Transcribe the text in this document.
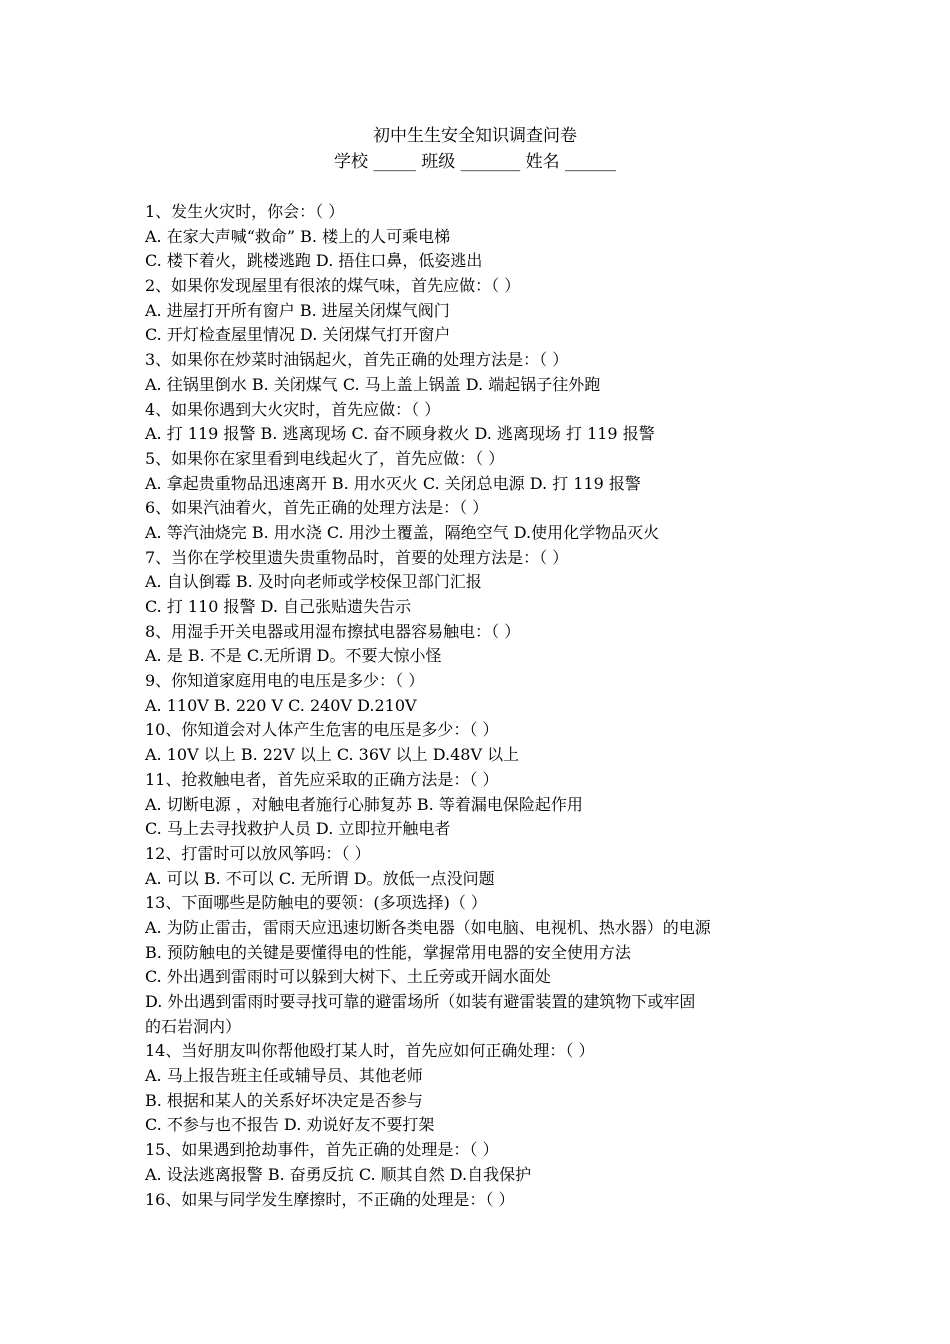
初中生生安全知识调查问卷
学校 _____ 班级 _______ 姓名 ______
1、发生火灾时，你会：（ ）
A. 在家大声喊“救命” B. 楼上的人可乘电梯
C. 楼下着火，跳楼逃跑 D. 捂住口鼻，低姿逃出
2、如果你发现屋里有很浓的煤气味，首先应做：（ ）
A. 进屋打开所有窗户 B. 进屋关闭煤气阀门
C. 开灯检查屋里情况 D. 关闭煤气打开窗户
3、如果你在炒菜时油锅起火，首先正确的处理方法是：（ ）
A. 往锅里倒水 B. 关闭煤气 C. 马上盖上锅盖 D. 端起锅子往外跑
4、如果你遇到大火灾时，首先应做：（ ）
A. 打 119 报警 B. 逃离现场 C. 奋不顾身救火 D. 逃离现场 打 119 报警
5、如果你在家里看到电线起火了，首先应做：（ ）
A. 拿起贵重物品迅速离开 B. 用水灭火 C. 关闭总电源 D. 打 119 报警
6、如果汽油着火，首先正确的处理方法是：（ ）
A. 等汽油烧完 B. 用水浇 C. 用沙土覆盖，隔绝空气 D.使用化学物品灭火
7、当你在学校里遗失贵重物品时，首要的处理方法是：（ ）
A. 自认倒霉 B. 及时向老师或学校保卫部门汇报
C. 打 110 报警 D. 自己张贴遗失告示
8、用湿手开关电器或用湿布擦拭电器容易触电：（ ）
A. 是 B. 不是 C.无所谓 D。不要大惊小怪
9、你知道家庭用电的电压是多少：（ ）
A. 110V B. 220 V C. 240V D.210V
10、你知道会对人体产生危害的电压是多少：（ ）
A. 10V 以上 B. 22V 以上 C. 36V 以上 D.48V 以上
11、抢救触电者，首先应采取的正确方法是：（ ）
A. 切断电源 ，对触电者施行心肺复苏 B. 等着漏电保险起作用
C. 马上去寻找救护人员 D. 立即拉开触电者
12、打雷时可以放风筝吗：（ ）
A. 可以 B. 不可以 C. 无所谓 D。放低一点没问题
13、下面哪些是防触电的要领：(多项选择)（ ）
A. 为防止雷击，雷雨天应迅速切断各类电器（如电脑、电视机、热水器）的电源
B. 预防触电的关键是要懂得电的性能，掌握常用电器的安全使用方法
C. 外出遇到雷雨时可以躲到大树下、土丘旁或开阔水面处
D. 外出遇到雷雨时要寻找可靠的避雷场所（如装有避雷装置的建筑物下或牢固
的石岩洞内）
14、当好朋友叫你帮他殴打某人时，首先应如何正确处理：（ ）
A. 马上报告班主任或辅导员、其他老师
B. 根据和某人的关系好坏决定是否参与
C. 不参与也不报告 D. 劝说好友不要打架
15、如果遇到抢劫事件，首先正确的处理是：（ ）
A. 设法逃离报警 B. 奋勇反抗 C. 顺其自然 D.自我保护
16、如果与同学发生摩擦时，不正确的处理是：（ ）
